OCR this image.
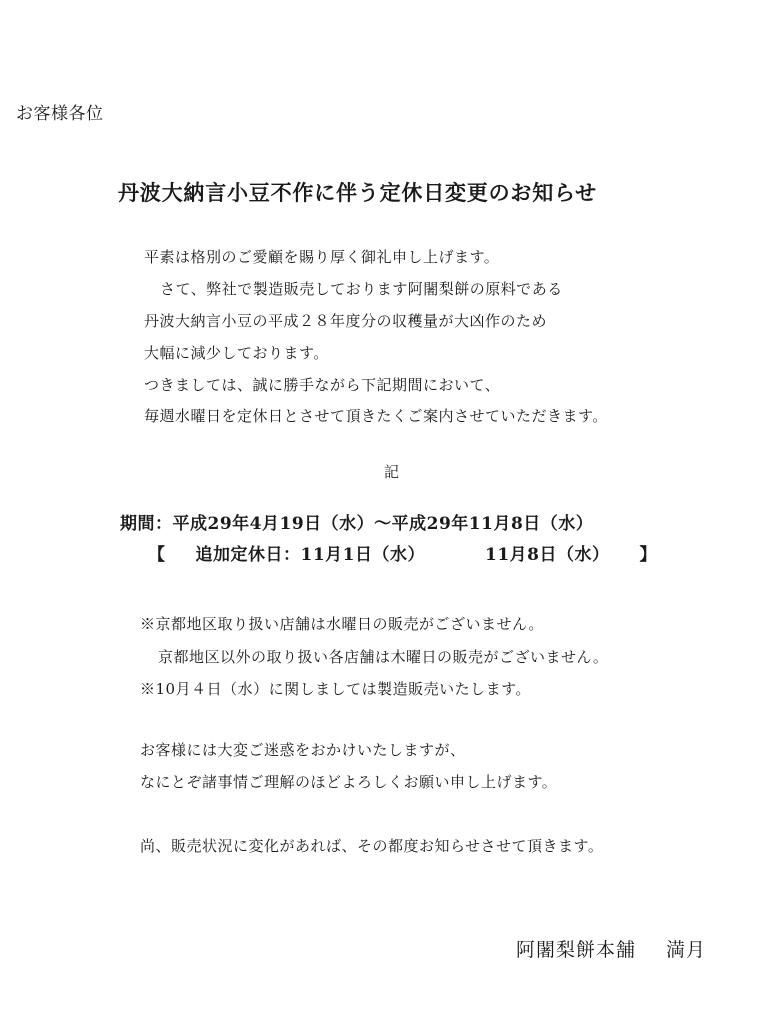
お客様各位
丹波大納言小豆不作に伴う定休日変更のお知らせ
平素は格別のご愛顧を賜り厚く御礼申し上げます。
さて、弊社で製造販売しております阿闍梨餅の原料である
丹波大納言小豆の平成２８年度分の収穫量が大凶作のため
大幅に減少しております。
つきましては、誠に勝手ながら下記期間において、
毎週水曜日を定休日とさせて頂きたくご案内させていただきます。
記
期間：平成29年4月19日（水）〜平成29年11月8日（水）
【 追加定休日：11月1日（水）	11月8日（水） 】
※京都地区取り扱い店舗は水曜日の販売がございません。
京都地区以外の取り扱い各店舗は木曜日の販売がございません。
※10月４日（水）に関しましては製造販売いたします。
お客様には大変ご迷惑をおかけいたしますが、
なにとぞ諸事情ご理解のほどよろしくお願い申し上げます。
尚、販売状況に変化があれば、その都度お知らせさせて頂きます。
阿闍梨餅本舗 満月
